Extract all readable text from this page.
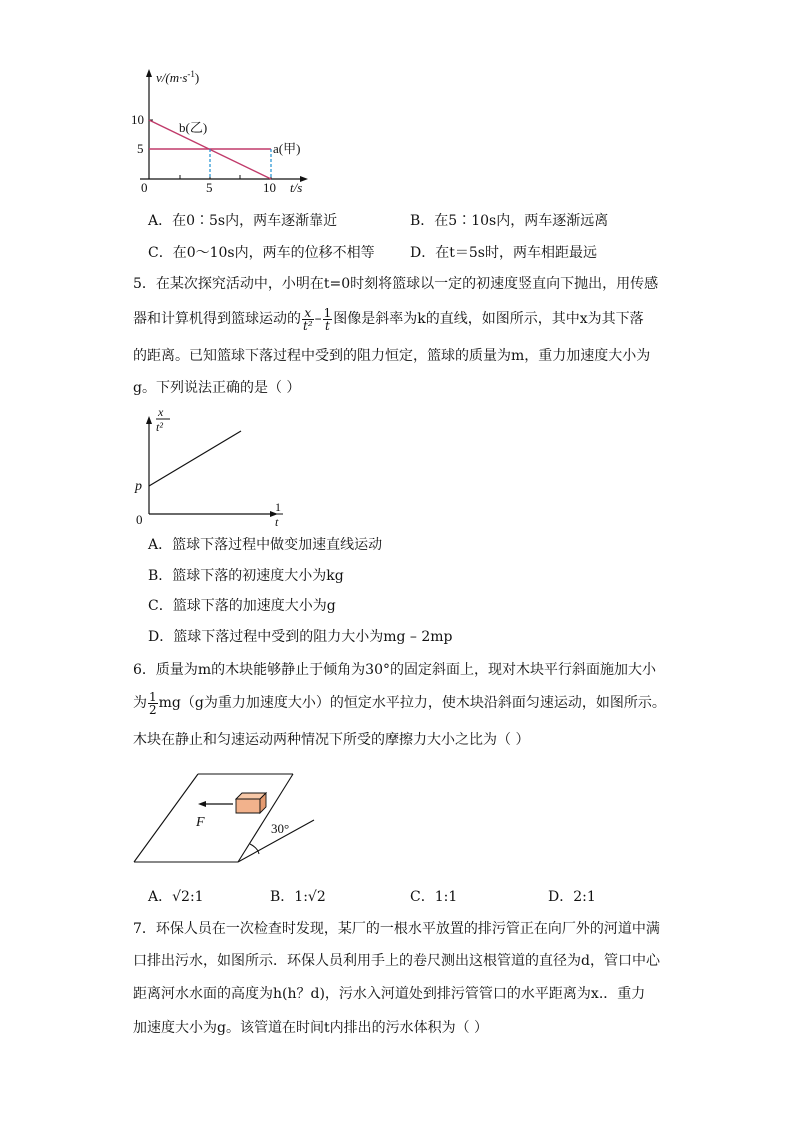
$v/(m\cdot s^{-1})$
10
5
0	5	10 t/s
b(乙)
a(甲)
A．在0∶5s内，两车逐渐靠近	B．在5∶10s内，两车逐渐远离
C．在0～10s内，两车的位移不相等	D．在t＝5s时，两车相距最远
5．在某次探究活动中，小明在t=0时刻将篮球以一定的初速度竖直向下抛出，用传感
器和计算机得到篮球运动的 $\frac{x}{\text{t²}} - \frac{1}{t}$ 图像是斜率为k的直线，如图所示，其中x为其下落
的距离。已知篮球下落过程中受到的阻力恒定，篮球的质量为m，重力加速度大小为
g。下列说法正确的是（ ）
x
t²
p
0
1
t
A．篮球下落过程中做变加速直线运动
B．篮球下落的初速度大小为kg
C．篮球下落的加速度大小为g
D．篮球下落过程中受到的阻力大小为mg – 2mp
6．质量为m的木块能够静止于倾角为30°的固定斜面上，现对木块平行斜面施加大小
为 $\frac{1}{2} mg(g$为重力加速度大小）的恒定水平拉力，使木块沿斜面匀速运动，如图所示。
木块在静止和匀速运动两种情况下所受的摩擦力大小之比为（ ）
30°
F
A．√2:1	B．1:√2	C．1:1	D．2:1
7．环保人员在一次检查时发现，某厂的一根水平放置的排污管正在向厂外的河道中满
口排出污水，如图所示．环保人员利用手上的卷尺测出这根管道的直径为d，管口中心
距离河水水面的高度为h(h？d)，污水入河道处到排污管管口的水平距离为x.．重力
加速度大小为g。该管道在时间t内排出的污水体积为（ ）
